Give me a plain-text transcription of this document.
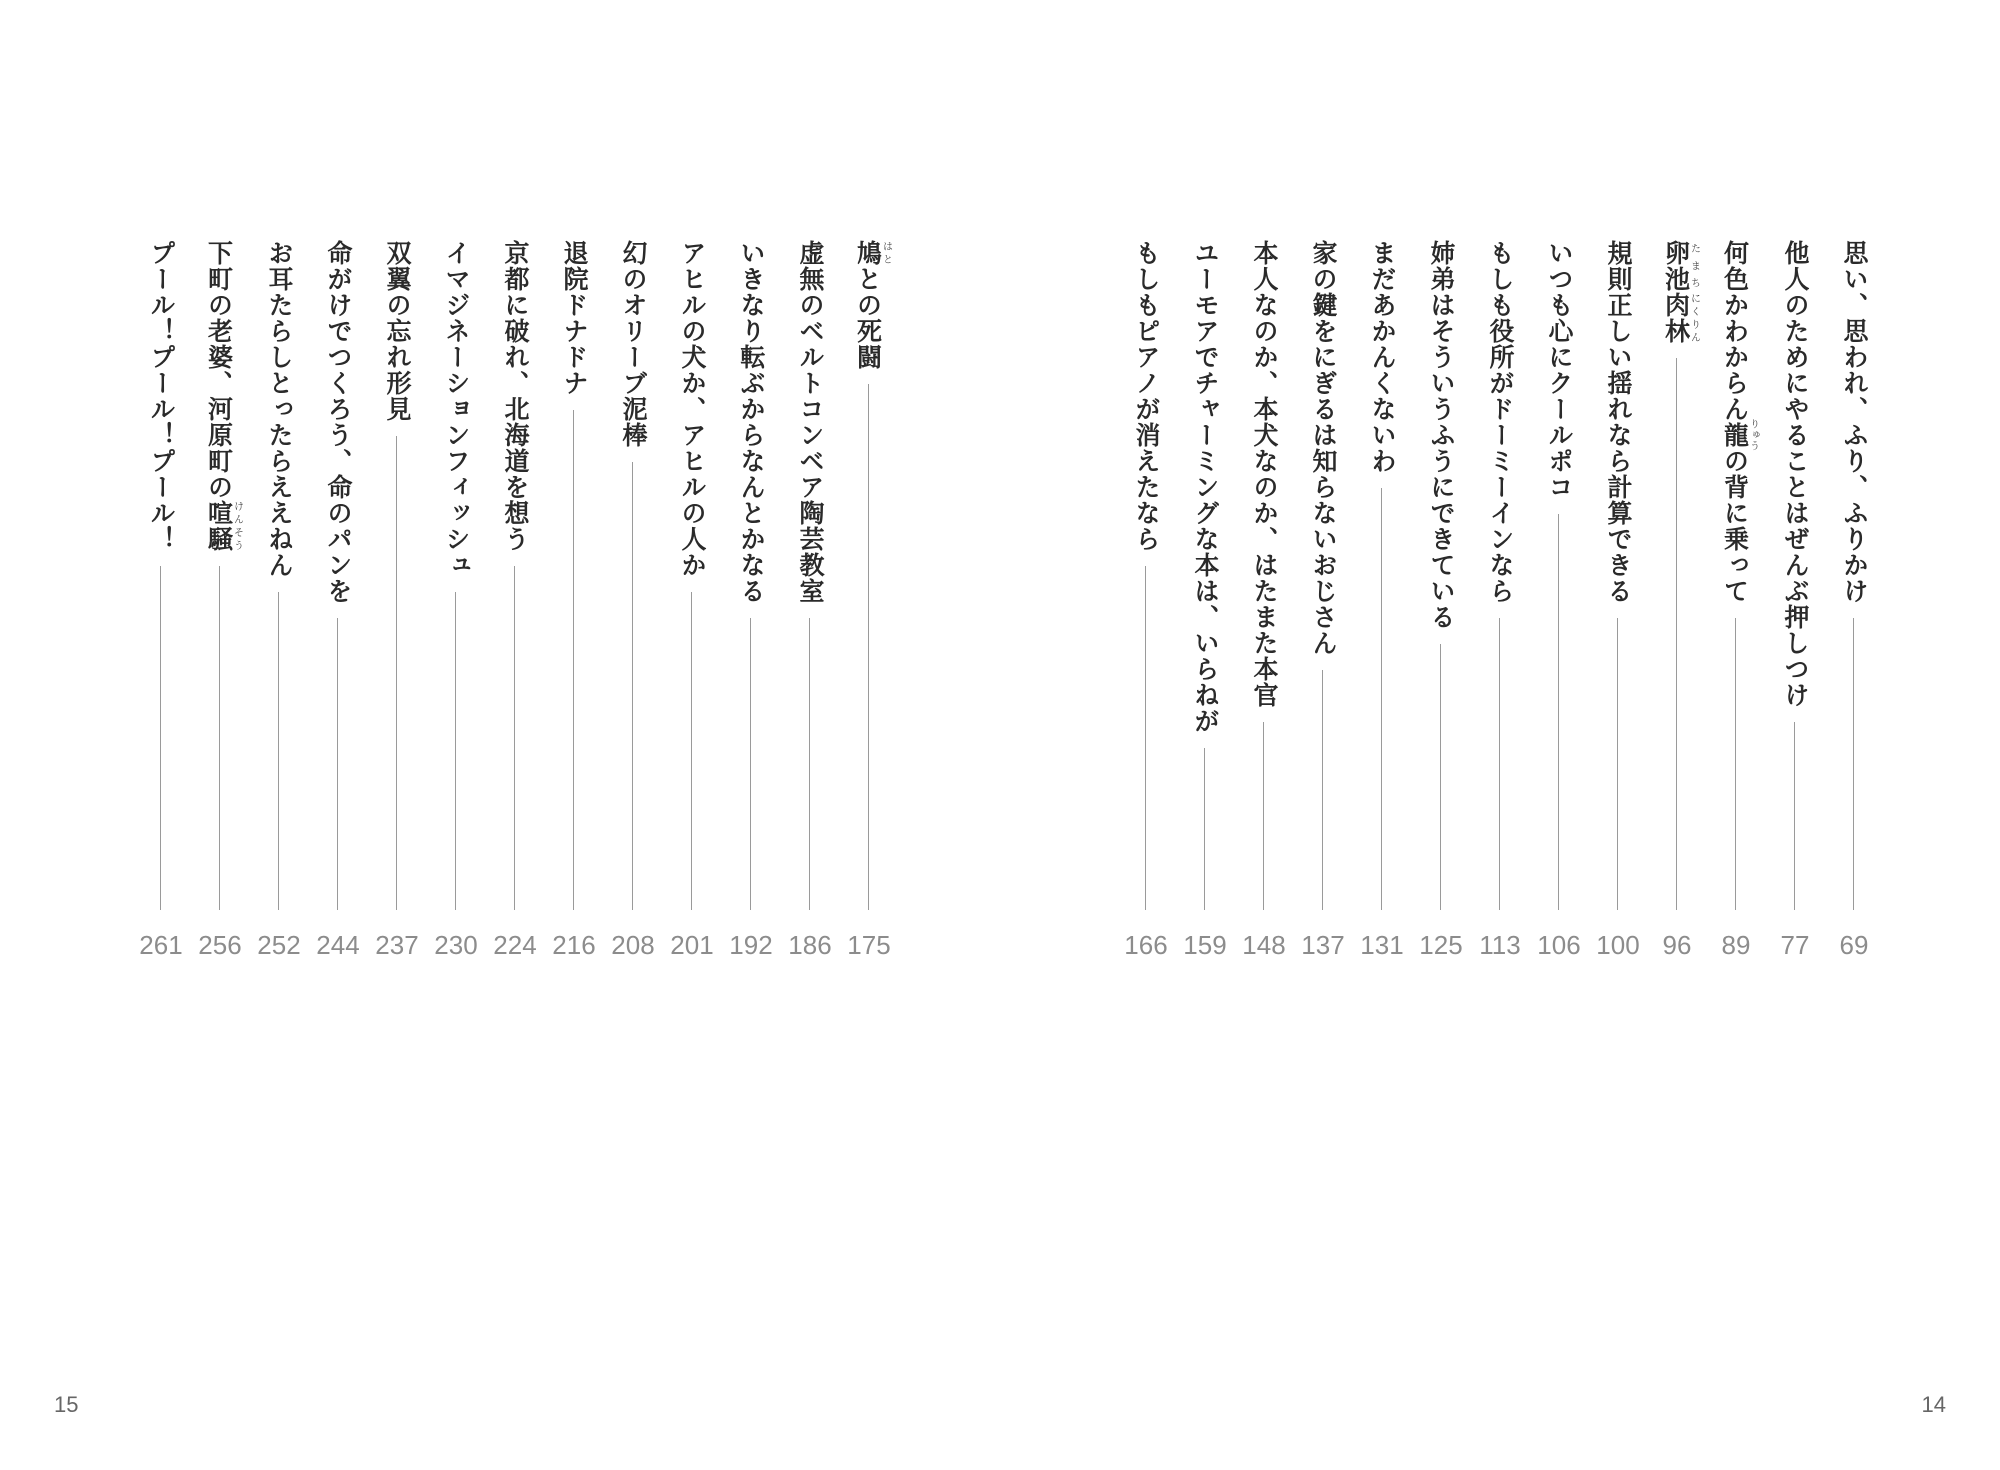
思い、思われ、ふり、ふりかけ
69
他人のためにやることはぜんぶ押しつけ
77
何色かわからん龍りゅうの背に乗って
89
卵池たまち肉林にくりん
96
規則正しい揺れなら計算できる
100
いつも心にクールポコ
106
もしも役所がドーミーインなら
113
姉弟はそういうふうにできている
125
まだあかんくないわ
131
家の鍵をにぎるは知らないおじさん
137
本人なのか、本犬なのか、はたまた本官
148
ユーモアでチャーミングな本は、いらねが
159
もしもピアノが消えたなら
166
鳩はととの死闘
175
虚無のベルトコンベア陶芸教室
186
いきなり転ぶからなんとかなる
192
アヒルの犬か、アヒルの人か
201
幻のオリーブ泥棒
208
退院ドナドナ
216
京都に破れ、北海道を想う
224
イマジネーションフィッシュ
230
双翼の忘れ形見
237
命がけでつくろう、命のパンを
244
お耳たらしとったらええねん
252
下町の老婆、河原町の喧騒けんそう
256
プール！プール！プール！
261
15	14
